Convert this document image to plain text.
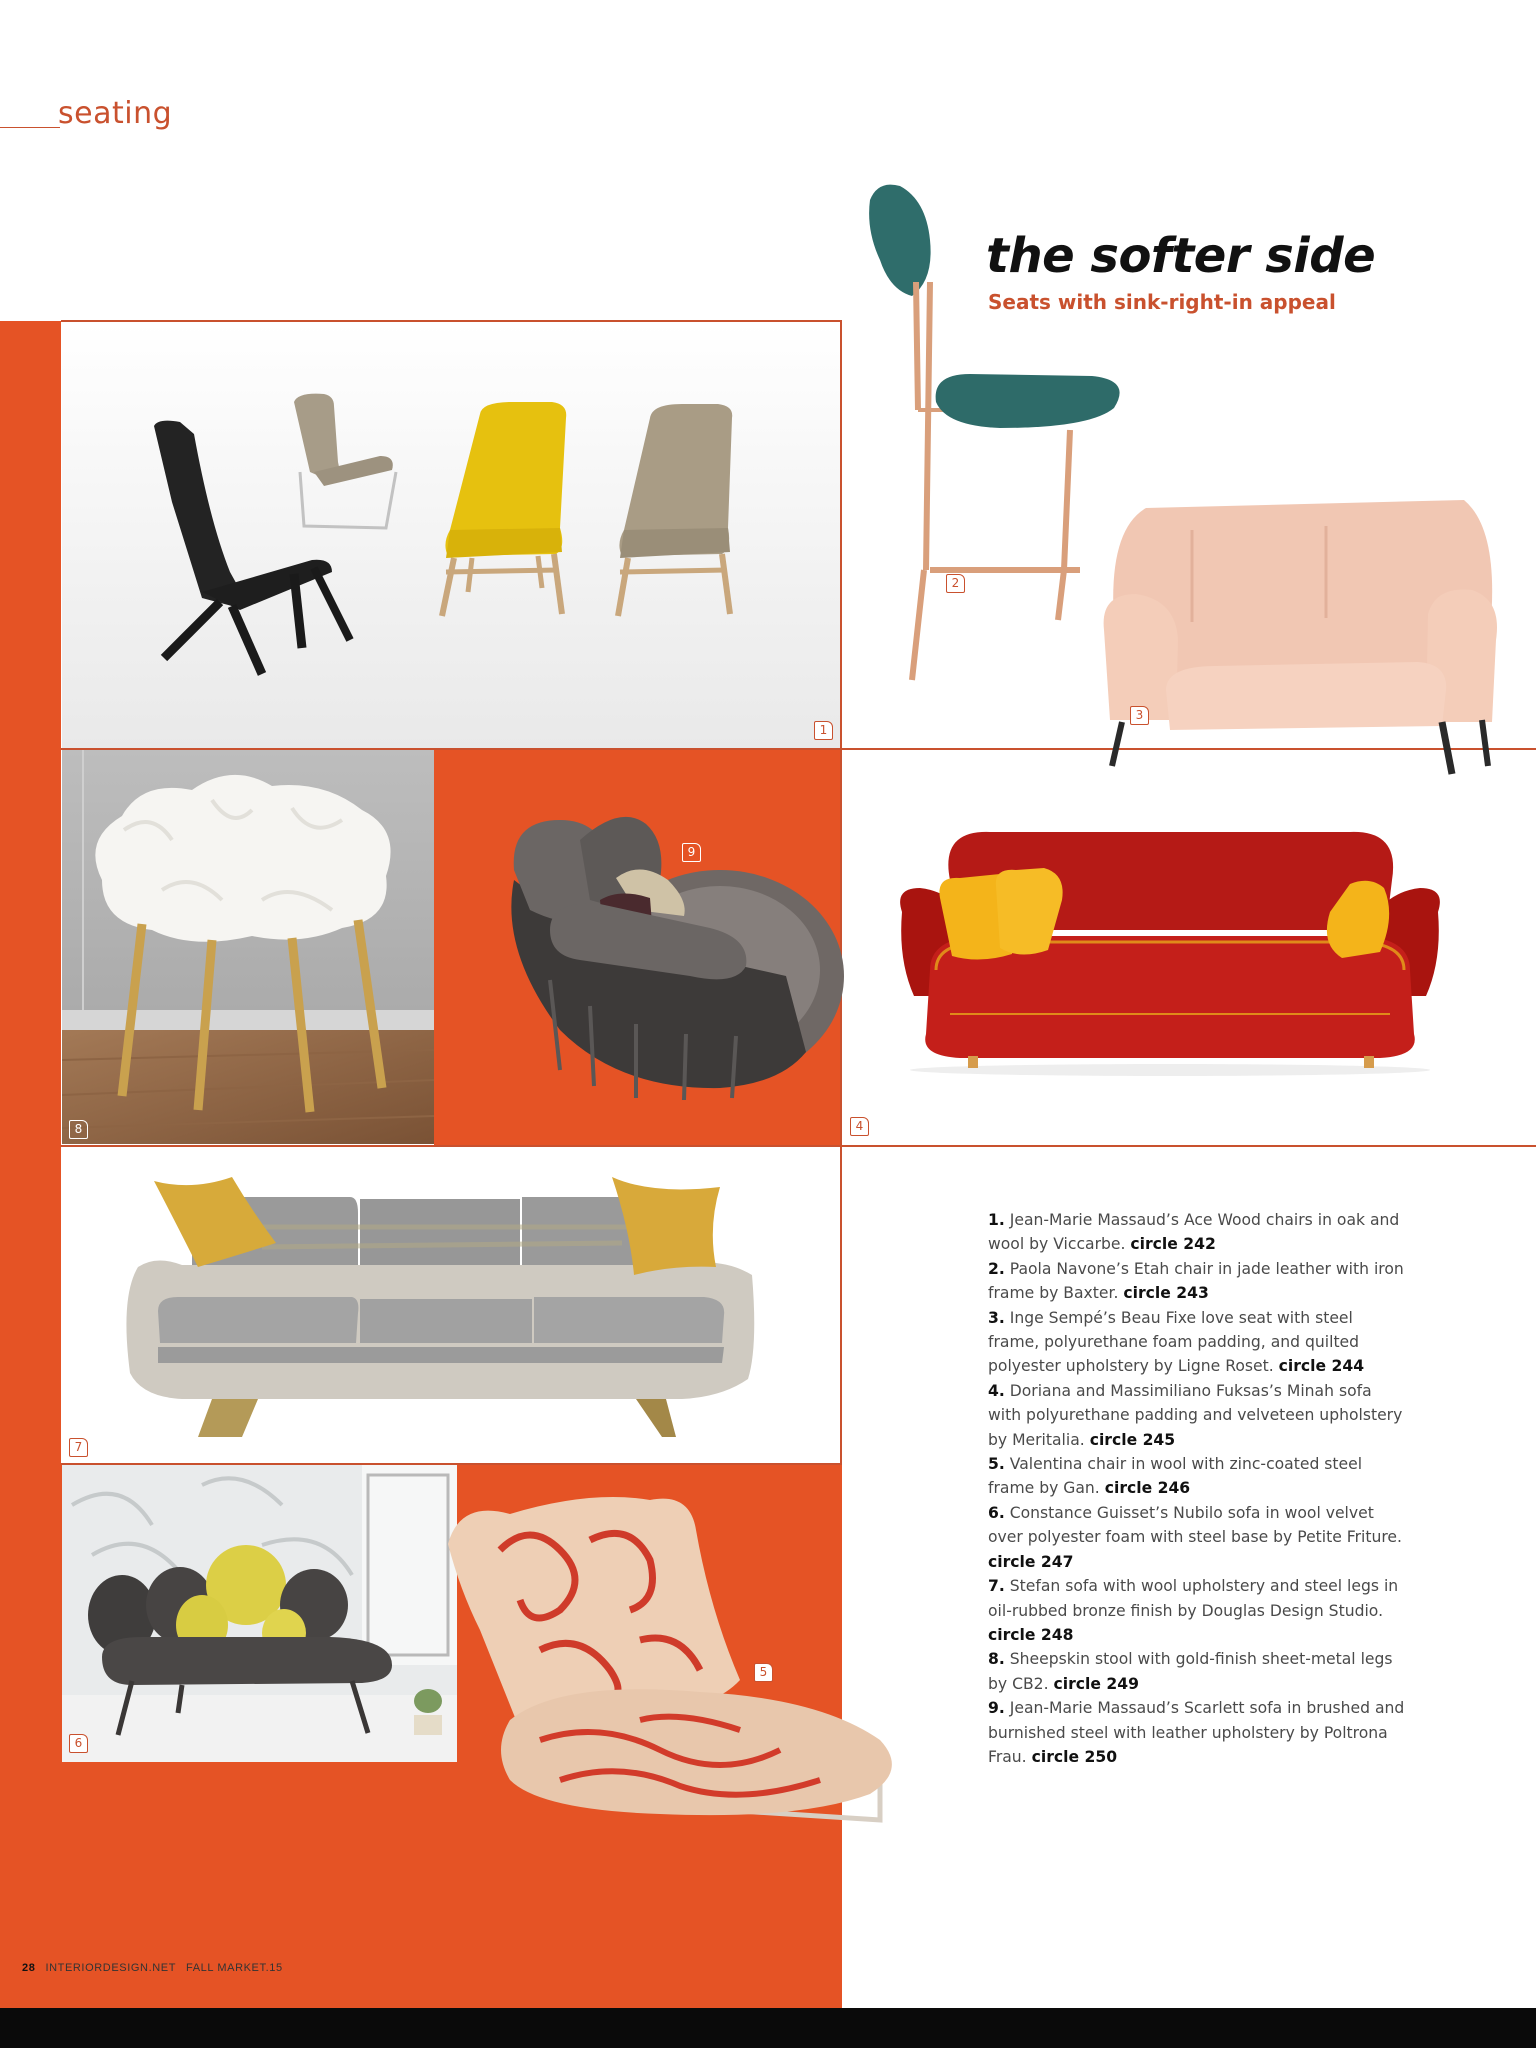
seating
1
2
3
8
9
4
7
6
5
the softer side
Seats with sink-right-in appeal
1. Jean-Marie Massaud’s Ace Wood chairs in oak and wool by Viccarbe. circle 242
2. Paola Navone’s Etah chair in jade leather with iron frame by Baxter. circle 243
3. Inge Sempé’s Beau Fixe love seat with steel frame, polyurethane foam padding, and quilted polyester upholstery by Ligne Roset. circle 244
4. Doriana and Massimiliano Fuksas’s Minah sofa with polyurethane padding and velveteen upholstery by Meritalia. circle 245
5. Valentina chair in wool with zinc-coated steel frame by Gan. circle 246
6. Constance Guisset’s Nubilo sofa in wool velvet over polyester foam with steel base by Petite Friture. circle 247
7. Stefan sofa with wool upholstery and steel legs in oil-rubbed bronze finish by Douglas Design Studio. circle 248
8. Sheepskin stool with gold-finish sheet-metal legs by CB2. circle 249
9. Jean-Marie Massaud’s Scarlett sofa in brushed and burnished steel with leather upholstery by Poltrona Frau. circle 250
28 INTERIORDESIGN.NET FALL MARKET.15
